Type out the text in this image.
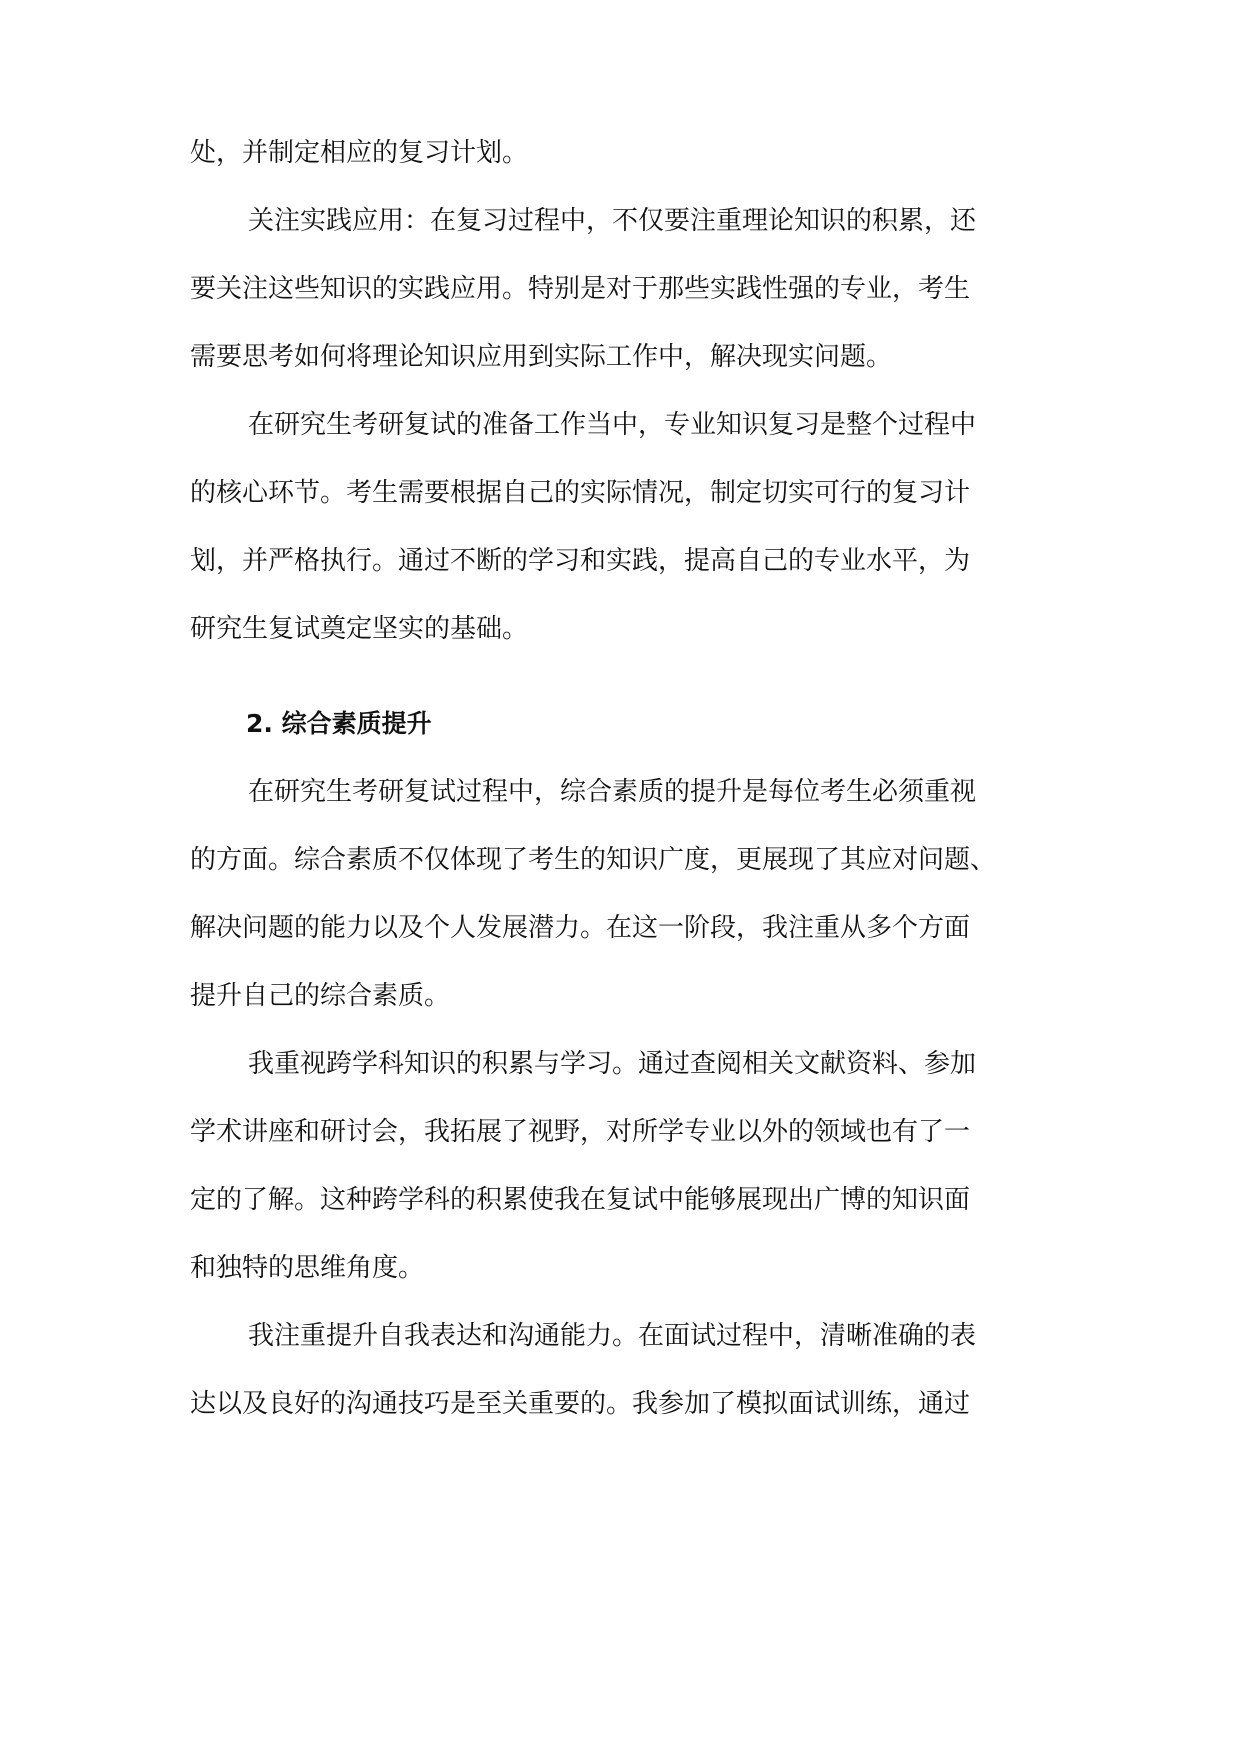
处，并制定相应的复习计划。
关注实践应用：在复习过程中，不仅要注重理论知识的积累，还
要关注这些知识的实践应用。特别是对于那些实践性强的专业，考生
需要思考如何将理论知识应用到实际工作中，解决现实问题。
在研究生考研复试的准备工作当中，专业知识复习是整个过程中
的核心环节。考生需要根据自己的实际情况，制定切实可行的复习计
划，并严格执行。通过不断的学习和实践，提高自己的专业水平，为
研究生复试奠定坚实的基础。
2. 综合素质提升
在研究生考研复试过程中，综合素质的提升是每位考生必须重视
的方面。综合素质不仅体现了考生的知识广度，更展现了其应对问题、
解决问题的能力以及个人发展潜力。在这一阶段，我注重从多个方面
提升自己的综合素质。
我重视跨学科知识的积累与学习。通过查阅相关文献资料、参加
学术讲座和研讨会，我拓展了视野，对所学专业以外的领域也有了一
定的了解。这种跨学科的积累使我在复试中能够展现出广博的知识面
和独特的思维角度。
我注重提升自我表达和沟通能力。在面试过程中，清晰准确的表
达以及良好的沟通技巧是至关重要的。我参加了模拟面试训练，通过
